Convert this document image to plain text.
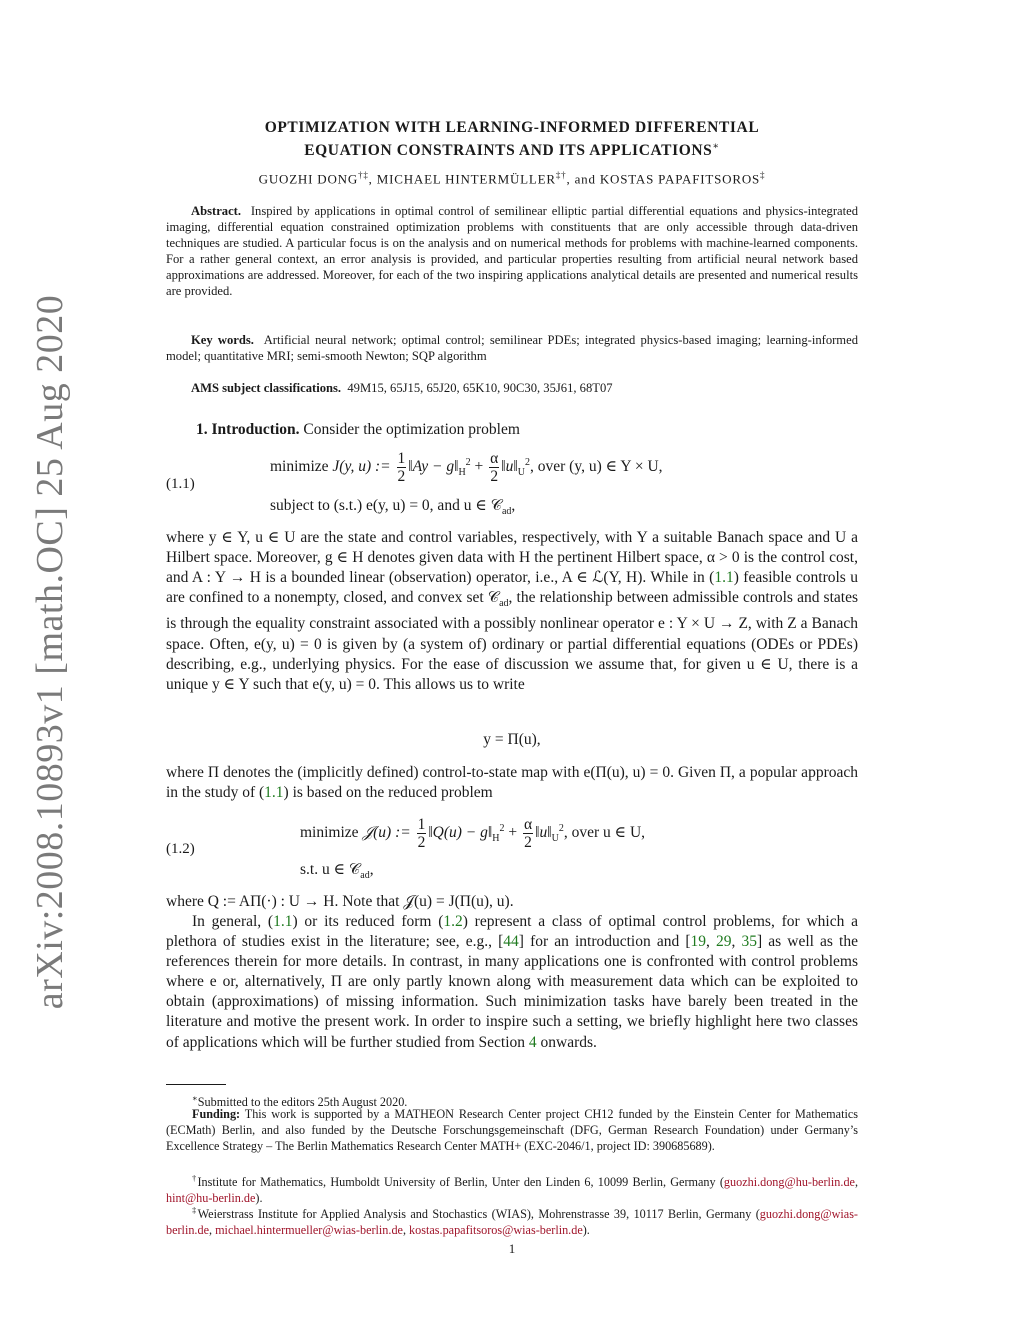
arXiv:2008.10893v1 [math.OC] 25 Aug 2020
OPTIMIZATION WITH LEARNING-INFORMED DIFFERENTIAL
EQUATION CONSTRAINTS AND ITS APPLICATIONS∗
GUOZHI DONG†‡, MICHAEL HINTERMÜLLER‡†, and KOSTAS PAPAFITSOROS‡
Abstract. Inspired by applications in optimal control of semilinear elliptic partial differential equations and physics-integrated imaging, differential equation constrained optimization problems with constituents that are only accessible through data-driven techniques are studied. A particular focus is on the analysis and on numerical methods for problems with machine-learned components. For a rather general context, an error analysis is provided, and particular properties resulting from artificial neural network based approximations are addressed. Moreover, for each of the two inspiring applications analytical details are presented and numerical results are provided.
Key words. Artificial neural network; optimal control; semilinear PDEs; integrated physics-based imaging; learning-informed model; quantitative MRI; semi-smooth Newton; SQP algorithm
AMS subject classifications. 49M15, 65J15, 65J20, 65K10, 90C30, 35J61, 68T07
1. Introduction. Consider the optimization problem
(1.1)
minimize J(y, u) := $\frac{1}{2}$ ‖Ay − $g‖_H^2 + \frac{\alpha}{2}$ $‖u‖_U^2$, over (y, u) ∈ Y × U,
subject to (s.t.) e(y, u) = 0, and u ∈ 𝒞$_{ad}$,
where y ∈ Y, u ∈ U are the state and control variables, respectively, with Y a suitable Banach space and U a Hilbert space. Moreover, g ∈ H denotes given data with H the pertinent Hilbert space, α > 0 is the control cost, and A : Y → H is a bounded linear (observation) operator, i.e., A ∈ ℒ(Y, H). While in (1.1) feasible controls u are confined to a nonempty, closed, and convex set 𝒞$_{ad}$, the relationship between admissible controls and states is through the equality constraint associated with a possibly nonlinear operator e : Y × U → Z, with Z a Banach space. Often, e(y, u) = 0 is given by (a system of) ordinary or partial differential equations (ODEs or PDEs) describing, e.g., underlying physics. For the ease of discussion we assume that, for given u ∈ U, there is a unique y ∈ Y such that e(y, u) = 0. This allows us to write
y = Π(u),
where Π denotes the (implicitly defined) control-to-state map with e(Π(u), u) = 0. Given Π, a popular approach in the study of (1.1) is based on the reduced problem
(1.2)
minimize 𝒥(u) := $\frac{1}{2}$ ‖Q(u) − $g‖_H^2 + \frac{\alpha}{2}$ $‖u‖_U^2$, over u ∈ U,
s.t. u ∈ 𝒞$_{ad}$,
where Q := AΠ(·) : U → H. Note that 𝒥(u) = J(Π(u), u).
In general, (1.1) or its reduced form (1.2) represent a class of optimal control problems, for which a plethora of studies exist in the literature; see, e.g., [44] for an introduction and [19, 29, 35] as well as the references therein for more details. In contrast, in many applications one is confronted with control problems where e or, alternatively, Π are only partly known along with measurement data which can be exploited to obtain (approximations) of missing information. Such minimization tasks have barely been treated in the literature and motive the present work. In order to inspire such a setting, we briefly highlight here two classes of applications which will be further studied from Section 4 onwards.
∗Submitted to the editors 25th August 2020.
Funding: This work is supported by a MATHEON Research Center project CH12 funded by the Einstein Center for Mathematics (ECMath) Berlin, and also funded by the Deutsche Forschungsgemeinschaft (DFG, German Research Foundation) under Germany’s Excellence Strategy – The Berlin Mathematics Research Center MATH+ (EXC-2046/1, project ID: 390685689).
†Institute for Mathematics, Humboldt University of Berlin, Unter den Linden 6, 10099 Berlin, Germany (guozhi.dong@hu-berlin.de, hint@hu-berlin.de).
‡Weierstrass Institute for Applied Analysis and Stochastics (WIAS), Mohrenstrasse 39, 10117 Berlin, Germany (guozhi.dong@wias-berlin.de, michael.hintermueller@wias-berlin.de, kostas.papafitsoros@wias-berlin.de).
1
